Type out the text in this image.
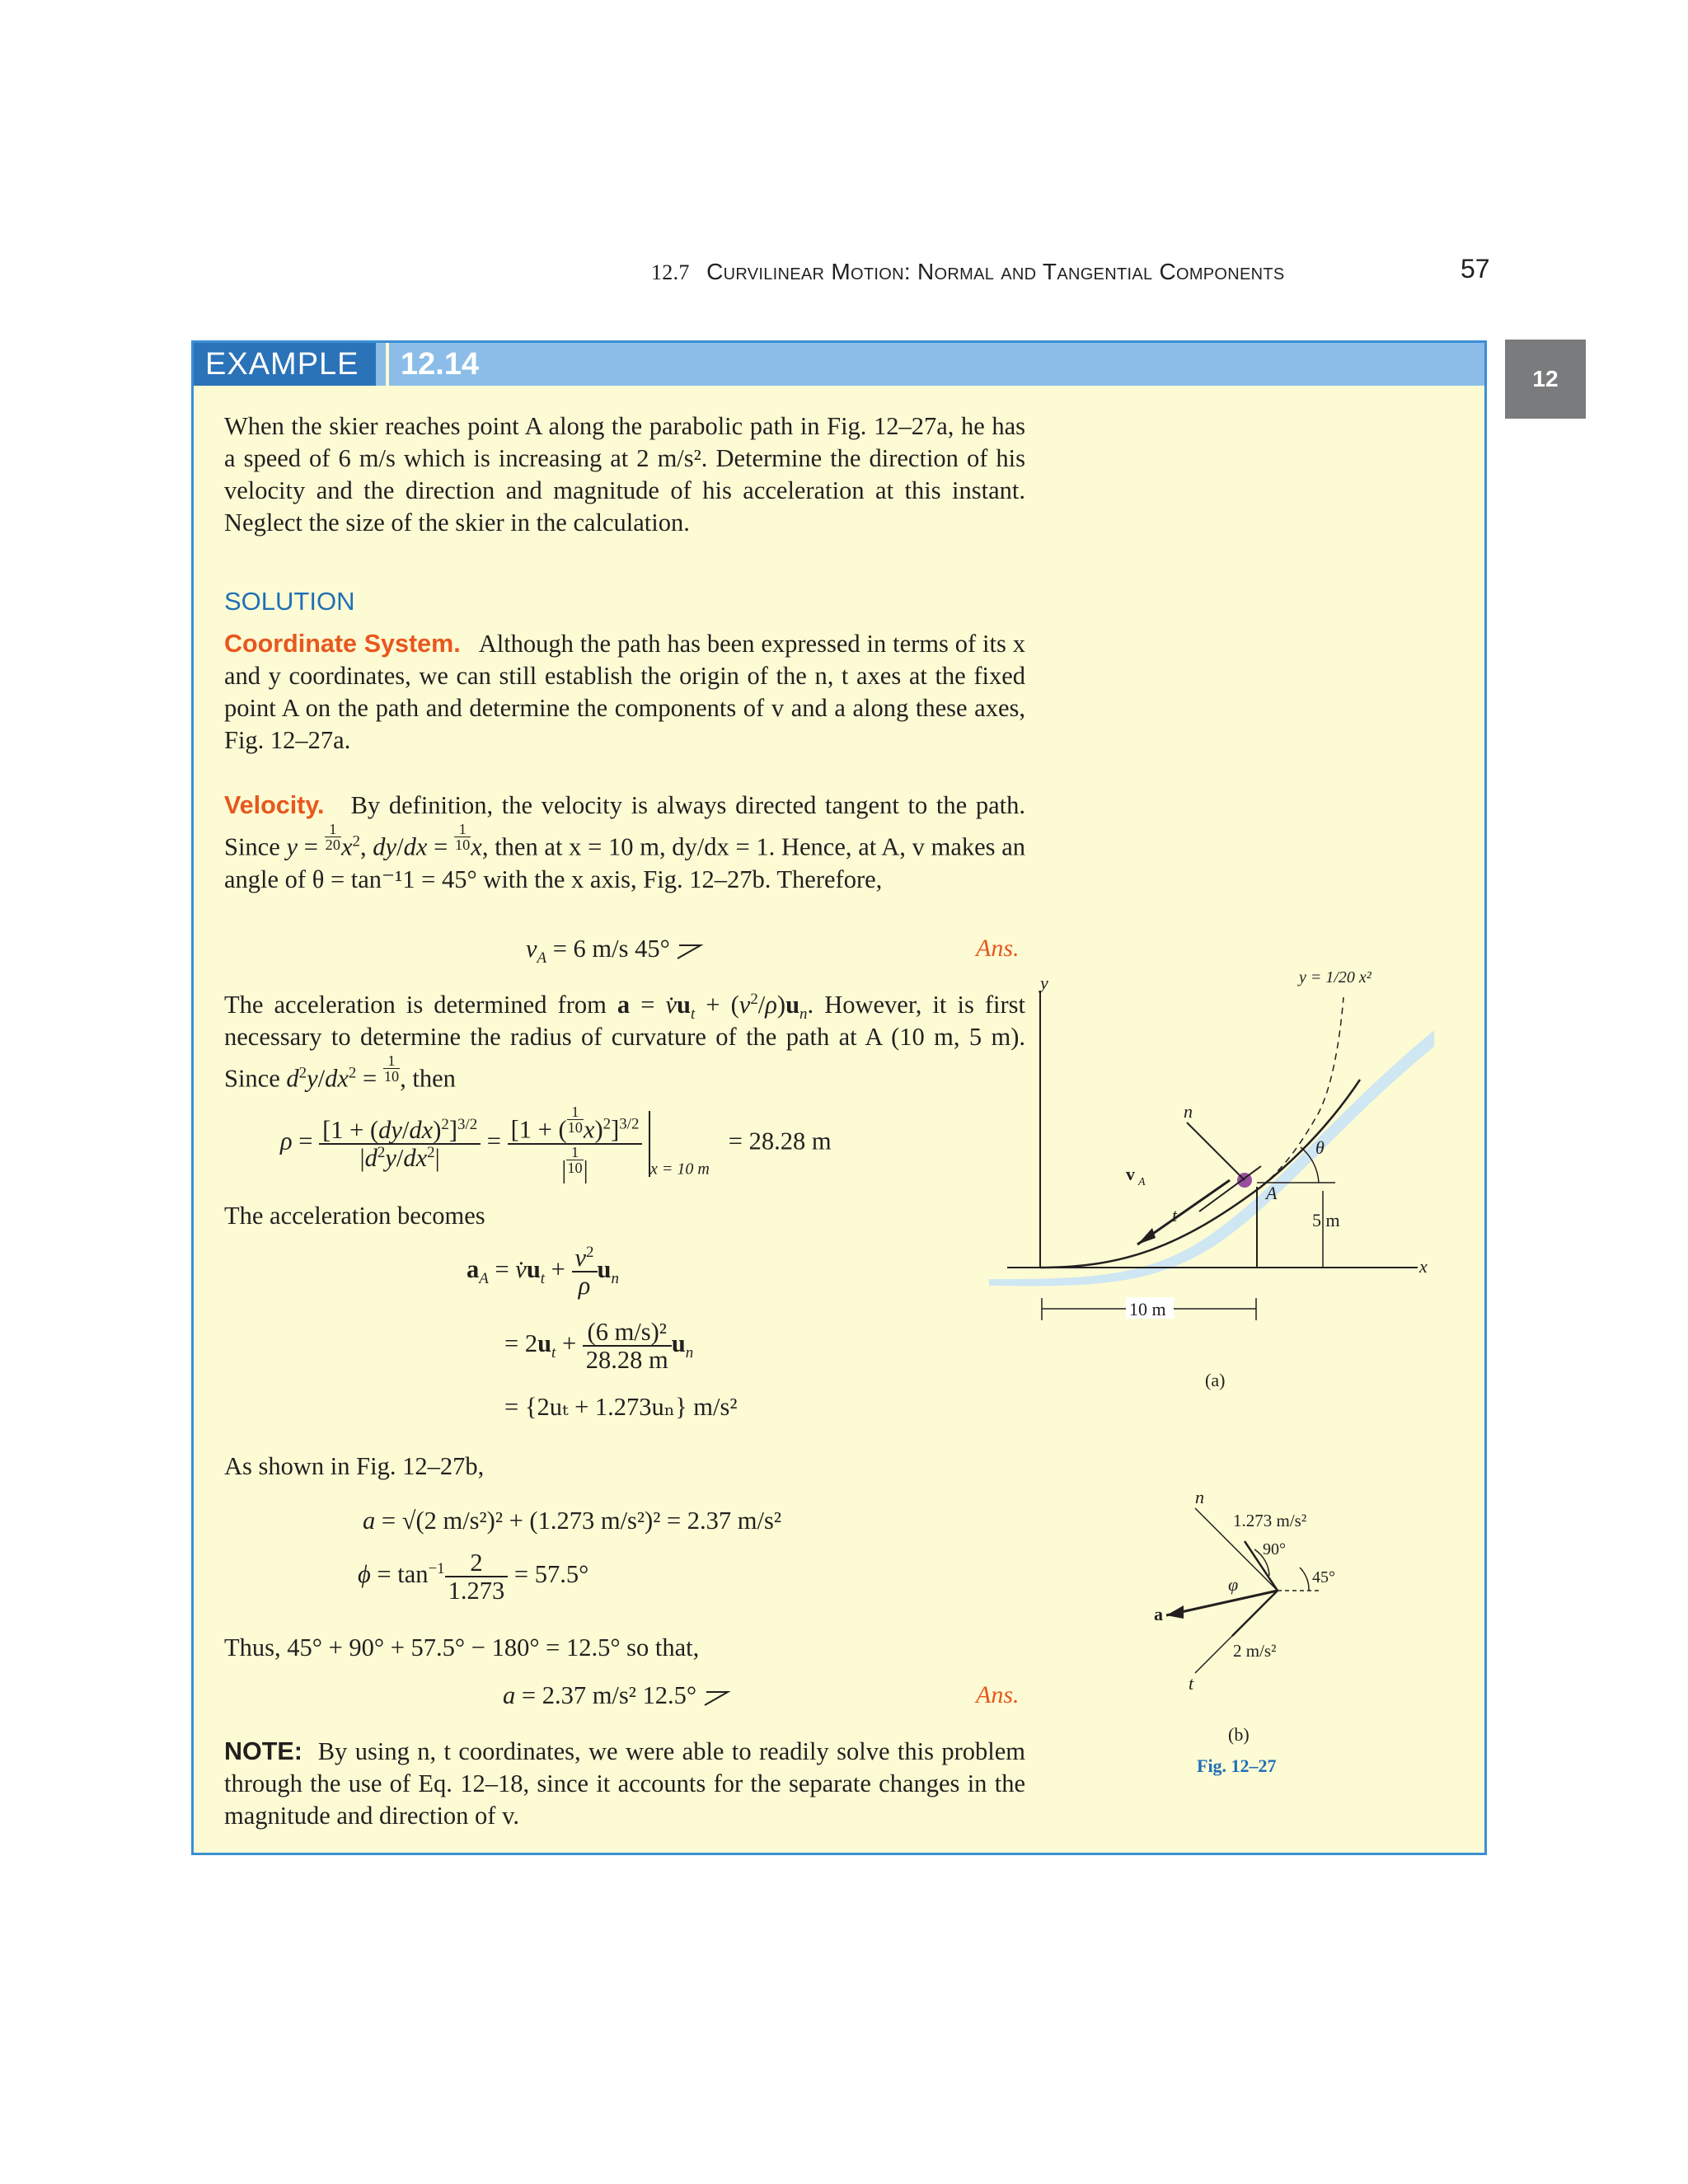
12.7 Curvilinear Motion: Normal and Tangential Components	57
12
EXAMPLE	12.14

When the skier reaches point A along the parabolic path in Fig. 12–27a, he has a speed of 6 m/s which is increasing at 2 m/s². Determine the direction of his velocity and the direction and magnitude of his acceleration at this instant. Neglect the size of the skier in the calculation.

SOLUTION

Coordinate System. Although the path has been expressed in terms of its x and y coordinates, we can still establish the origin of the n, t axes at the fixed point A on the path and determine the components of v and a along these axes, Fig. 12–27a.

Velocity. By definition, the velocity is always directed tangent to the path. Since $y = \frac{1}{20} x^2$, $dy/dx = \frac{1}{10} x$, then at x = 10 m, dy/dx = 1. Hence, at A, v makes an angle of θ = tan⁻¹1 = 45° with the x axis, Fig. 12–27b. Therefore,

$v_A = 6$ m/s 45°	Ans.

The acceleration is determined from $a = v̇u_t + (v^2/\rho)u_n$. However, it is first necessary to determine the radius of curvature of the path at A (10 m, 5 m). Since $d^2y/dx^2 = \frac{1}{10}$ , then

$\rho = \frac{[1 + (dy/dx)^2]^{3/2}}{|d^2y/dx^2|} = \frac{[1 + ( \frac{1}{10} x)^2]^{3/2}}{| \frac{1}{10} |} _{x = 10 m} = 28.28$ m
The acceleration becomes
$a_A$ = $v̇u_t + \frac{v^2}{\rho} u_n$
= $2u_t + \frac{\text{(6 m/s)²}}{28.28 m} u_n$
= {2uₜ + 1.273uₙ} m/s²
As shown in Fig. 12–27b,
a = √(2 m/s²)² + (1.273 m/s²)² = 2.37 m/s²
$\phi = \tan^{-1} \frac{2}{1.273} = 57.5^\circ$
Thus, 45° + 90° + 57.5° − 180° = 12.5° so that,
a = 2.37 m/s² 12.5°	Ans.

NOTE: By using n, t coordinates, we were able to readily solve this problem through the use of Eq. 12–18, since it accounts for the separate changes in the magnitude and direction of v.

y
x
n
t
v A
A
θ
5 m
10 m
y = 1/20 x²
(a)
n
t
a
1.273 m/s²
90°
45°
φ
2 m/s²
(b)
Fig. 12–27
